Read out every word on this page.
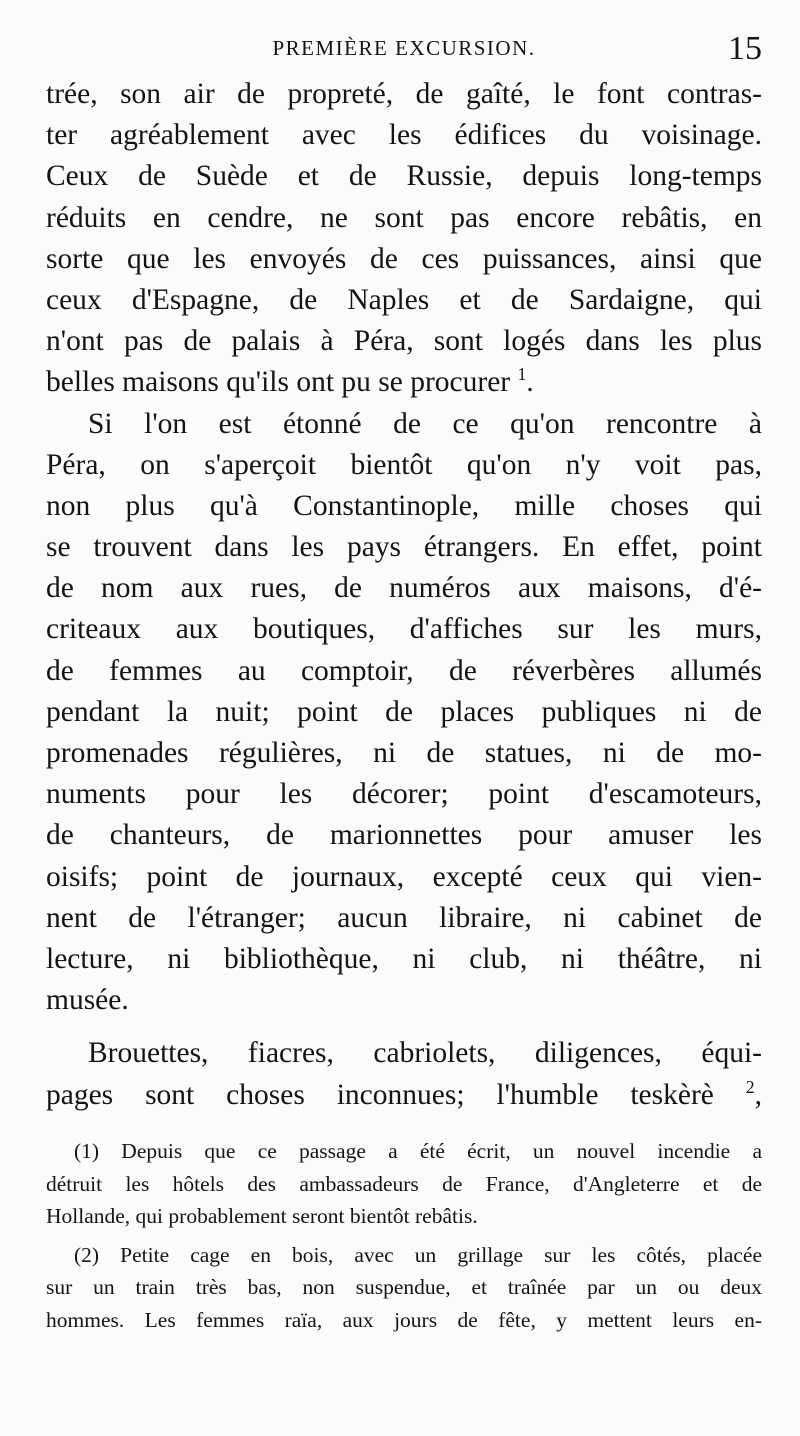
PREMIÈRE EXCURSION.	15
trée, son air de propreté, de gaîté, le font contras-
ter agréablement avec les édifices du voisinage.
Ceux de Suède et de Russie, depuis long-temps
réduits en cendre, ne sont pas encore rebâtis, en
sorte que les envoyés de ces puissances, ainsi que
ceux d'Espagne, de Naples et de Sardaigne, qui
n'ont pas de palais à Péra, sont logés dans les plus
belles maisons qu'ils ont pu se procurer $^1$.
Si l'on est étonné de ce qu'on rencontre à
Péra, on s'aperçoit bientôt qu'on n'y voit pas,
non plus qu'à Constantinople, mille choses qui
se trouvent dans les pays étrangers. En effet, point
de nom aux rues, de numéros aux maisons, d'é-
criteaux aux boutiques, d'affiches sur les murs,
de femmes au comptoir, de réverbères allumés
pendant la nuit; point de places publiques ni de
promenades régulières, ni de statues, ni de mo-
numents pour les décorer; point d'escamoteurs,
de chanteurs, de marionnettes pour amuser les
oisifs; point de journaux, excepté ceux qui vien-
nent de l'étranger; aucun libraire, ni cabinet de
lecture, ni bibliothèque, ni club, ni théâtre, ni
musée.
Brouettes, fiacres, cabriolets, diligences, équi-
pages sont choses inconnues; l'humble teskèrè $^2$,
(1) Depuis que ce passage a été écrit, un nouvel incendie a
détruit les hôtels des ambassadeurs de France, d'Angleterre et de
Hollande, qui probablement seront bientôt rebâtis.
(2) Petite cage en bois, avec un grillage sur les côtés, placée
sur un train très bas, non suspendue, et traînée par un ou deux
hommes. Les femmes raïa, aux jours de fête, y mettent leurs en-
